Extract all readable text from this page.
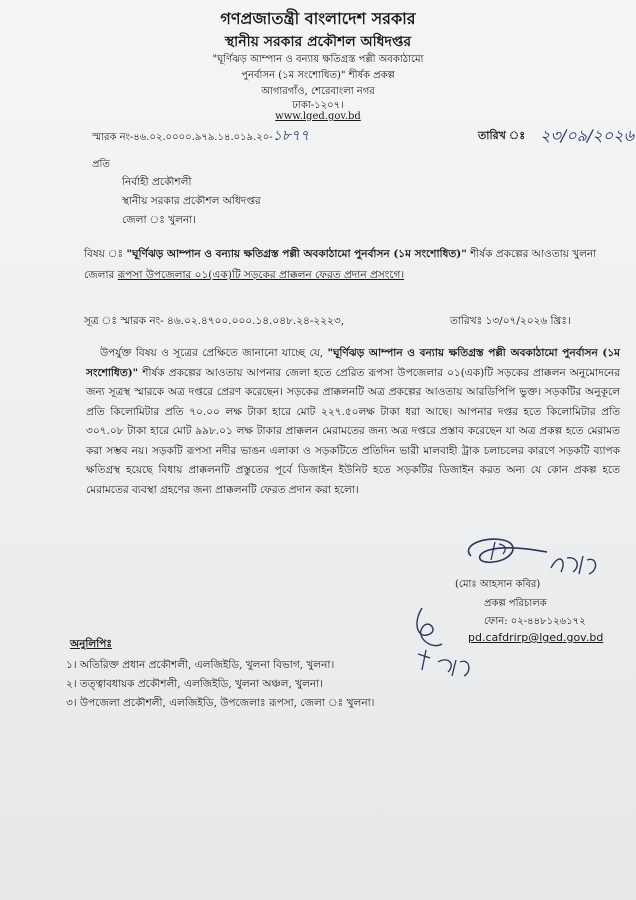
গণপ্রজাতন্ত্রী বাংলাদেশ সরকার
স্থানীয় সরকার প্রকৌশল অধিদপ্তর
"ঘূর্ণিঝড় আম্পান ও বন্যায় ক্ষতিগ্রস্ত পল্লী অবকাঠামো
পুনর্বাসন (১ম সংশোধিত)" শীর্ষক প্রকল্প
আগারগাঁও, শেরেবাংলা নগর
ঢাকা-১২০৭।
www.lged.gov.bd
স্মারক নং-৪৬.০২.০০০০.৯৭৯.১৪.০১৯.২০-১৮৭৭	তারিখ ঃ ২৩/০৯/২০২৬
প্রতি
নির্বাহী প্রকৌশলী
স্থানীয় সরকার প্রকৌশল অধিদপ্তর
জেলা ঃ খুলনা।
বিষয় ঃ "ঘূর্ণিঝড় আম্পান ও বন্যায় ক্ষতিগ্রস্ত পল্লী অবকাঠামো পুনর্বাসন (১ম সংশোধিত)" শীর্ষক প্রকল্পের আওতায় খুলনা জেলার রূপসা উপজেলার ০১(এক)টি সড়কের প্রাক্কলন ফেরত প্রদান প্রসংগে।
সূত্র ঃ স্মারক নং- ৪৬.০২.৪৭০০.০০০.১৪.০৪৮.২৪-২২২৩,	তারিখঃ ১৩/০৭/২০২৬ খ্রিঃ।
উপর্যুক্ত বিষয় ও সূত্রের প্রেক্ষিতে জানানো যাচ্ছে যে, "ঘূর্ণিঝড় আম্পান ও বন্যায় ক্ষতিগ্রস্ত পল্লী অবকাঠামো পুনর্বাসন (১ম সংশোধিত)" শীর্ষক প্রকল্পের আওতায় আপনার জেলা হতে প্রেরিত রূপসা উপজেলার ০১(এক)টি সড়কের প্রাক্কলন অনুমোদনের জন্য সূত্রস্থ স্মারকে অত্র দপ্তরে প্রেরণ করেছেন। সড়কের প্রাক্কলনটি অত্র প্রকল্পের আওতায় আরডিপিপি ভুক্ত। সড়কটির অনুকূলে প্রতি কিলোমিটার প্রতি ৭০.০০ লক্ষ টাকা হারে মোট ২২৭.৫০লক্ষ টাকা ধরা আছে। আপনার দপ্তর হতে কিলোমিটার প্রতি ৩০৭.০৮ টাকা হারে মোট ৯৯৮.০১ লক্ষ টাকার প্রাক্কলন মেরামতের জন্য অত্র দপ্তরে প্রস্তাব করেছেন যা অত্র প্রকল্প হতে মেরামত করা সম্ভব নয়। সড়কটি রূপসা নদীর ভাঙন এলাকা ও সড়কটিতে প্রতিদিন ভারী মালবাহী ট্রাক চলাচলের কারণে সড়কটি ব্যাপক ক্ষতিগ্রস্থ হয়েছে বিধায় প্রাক্কলনটি প্রস্তুতের পূর্বে ডিজাইন ইউনিট হতে সড়কটির ডিজাইন করত অন্য যে কোন প্রকল্প হতে মেরামতের ব্যবস্থা গ্রহণের জন্য প্রাক্কলনটি ফেরত প্রদান করা হলো।
(মোঃ আহসান কবির)
প্রকল্প পরিচালক
ফোন: ০২-৪৪৮১২৬১৭২
pd.cafdrirp@lged.gov.bd
অনুলিপিঃ
১। অতিরিক্ত প্রধান প্রকৌশলী, এলজিইডি, খুলনা বিভাগ, খুলনা।
২। তত্ত্বাবধায়ক প্রকৌশলী, এলজিইডি, খুলনা অঞ্চল, খুলনা।
৩। উপজেলা প্রকৌশলী, এলজিইডি, উপজেলাঃ রূপসা, জেলা ঃ খুলনা।
